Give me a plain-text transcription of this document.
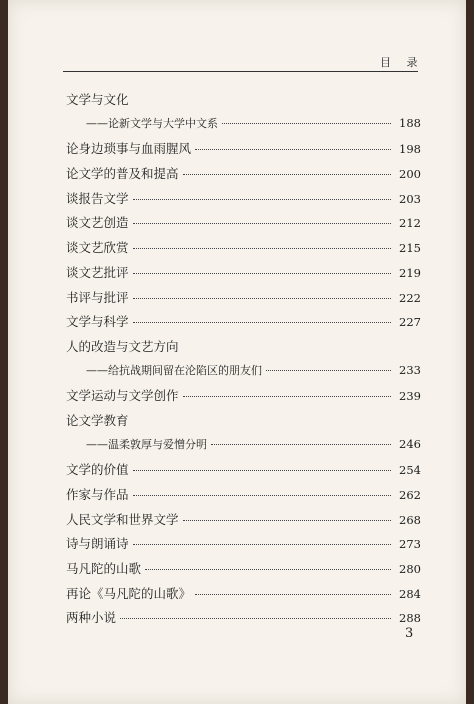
目 录
文学与文化
——论新文学与大学中文系	188
论身边琐事与血雨腥风	198
论文学的普及和提高	200
谈报告文学	203
谈文艺创造	212
谈文艺欣赏	215
谈文艺批评	219
书评与批评	222
文学与科学	227
人的改造与文艺方向
——给抗战期间留在沦陷区的朋友们	233
文学运动与文学创作	239
论文学教育
——温柔敦厚与爱憎分明	246
文学的价值	254
作家与作品	262
人民文学和世界文学	268
诗与朗诵诗	273
马凡陀的山歌	280
再论《马凡陀的山歌》	284
两种小说	288
3
